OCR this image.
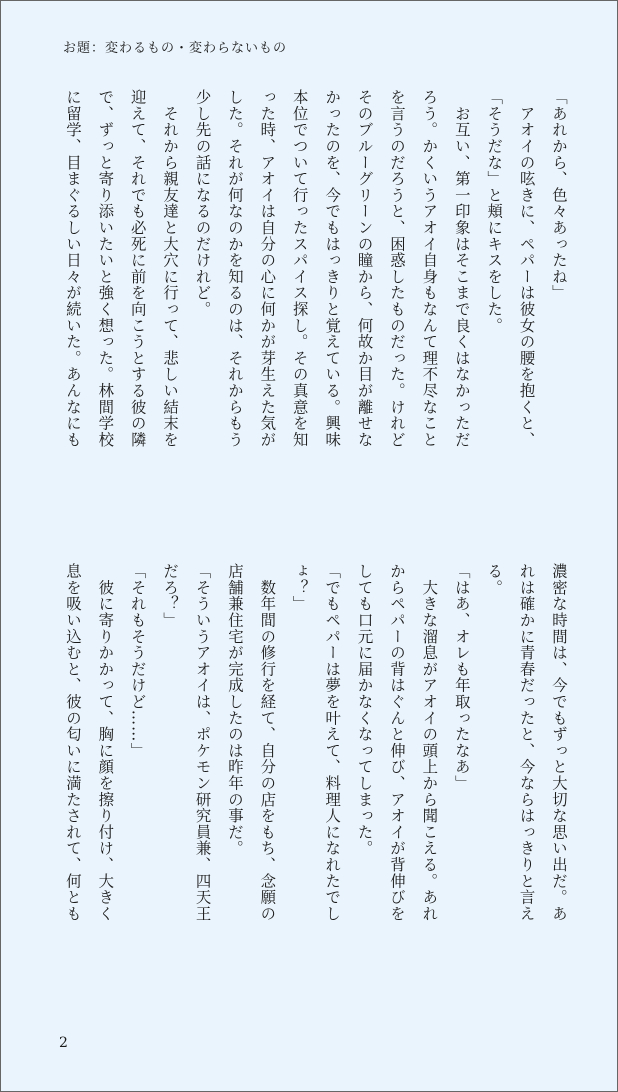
お題：変わるもの・変わらないもの
「あれから、色々あったね」
　アオイの呟きに、ペパーは彼女の腰を抱くと、
「そうだな」と頬にキスをした。
　お互い、第一印象はそこまで良くはなかっただ
ろう。かくいうアオイ自身もなんて理不尽なこと
を言うのだろうと、困惑したものだった。けれど
そのブルーグリーンの瞳から、何故か目が離せな
かったのを、今でもはっきりと覚えている。興味
本位でついて行ったスパイス探し。その真意を知
った時、アオイは自分の心に何かが芽生えた気が
した。それが何なのかを知るのは、それからもう
少し先の話になるのだけれど。
　それから親友達と大穴に行って、悲しい結末を
迎えて、それでも必死に前を向こうとする彼の隣
で、ずっと寄り添いたいと強く想った。林間学校
に留学、目まぐるしい日々が続いた。あんなにも
濃密な時間は、今でもずっと大切な思い出だ。あ
れは確かに青春だったと、今ならはっきりと言え
る。
「はあ、オレも年取ったなあ」
　大きな溜息がアオイの頭上から聞こえる。あれ
からペパーの背はぐんと伸び、アオイが背伸びを
しても口元に届かなくなってしまった。
「でもペパーは夢を叶えて、料理人になれたでし
ょ？」
　数年間の修行を経て、自分の店をもち、念願の
店舗兼住宅が完成したのは昨年の事だ。
「そういうアオイは、ポケモン研究員兼、四天王
だろ？」
「それもそうだけど……」
　彼に寄りかかって、胸に顔を擦り付け、大きく
息を吸い込むと、彼の匂いに満たされて、何とも
2
